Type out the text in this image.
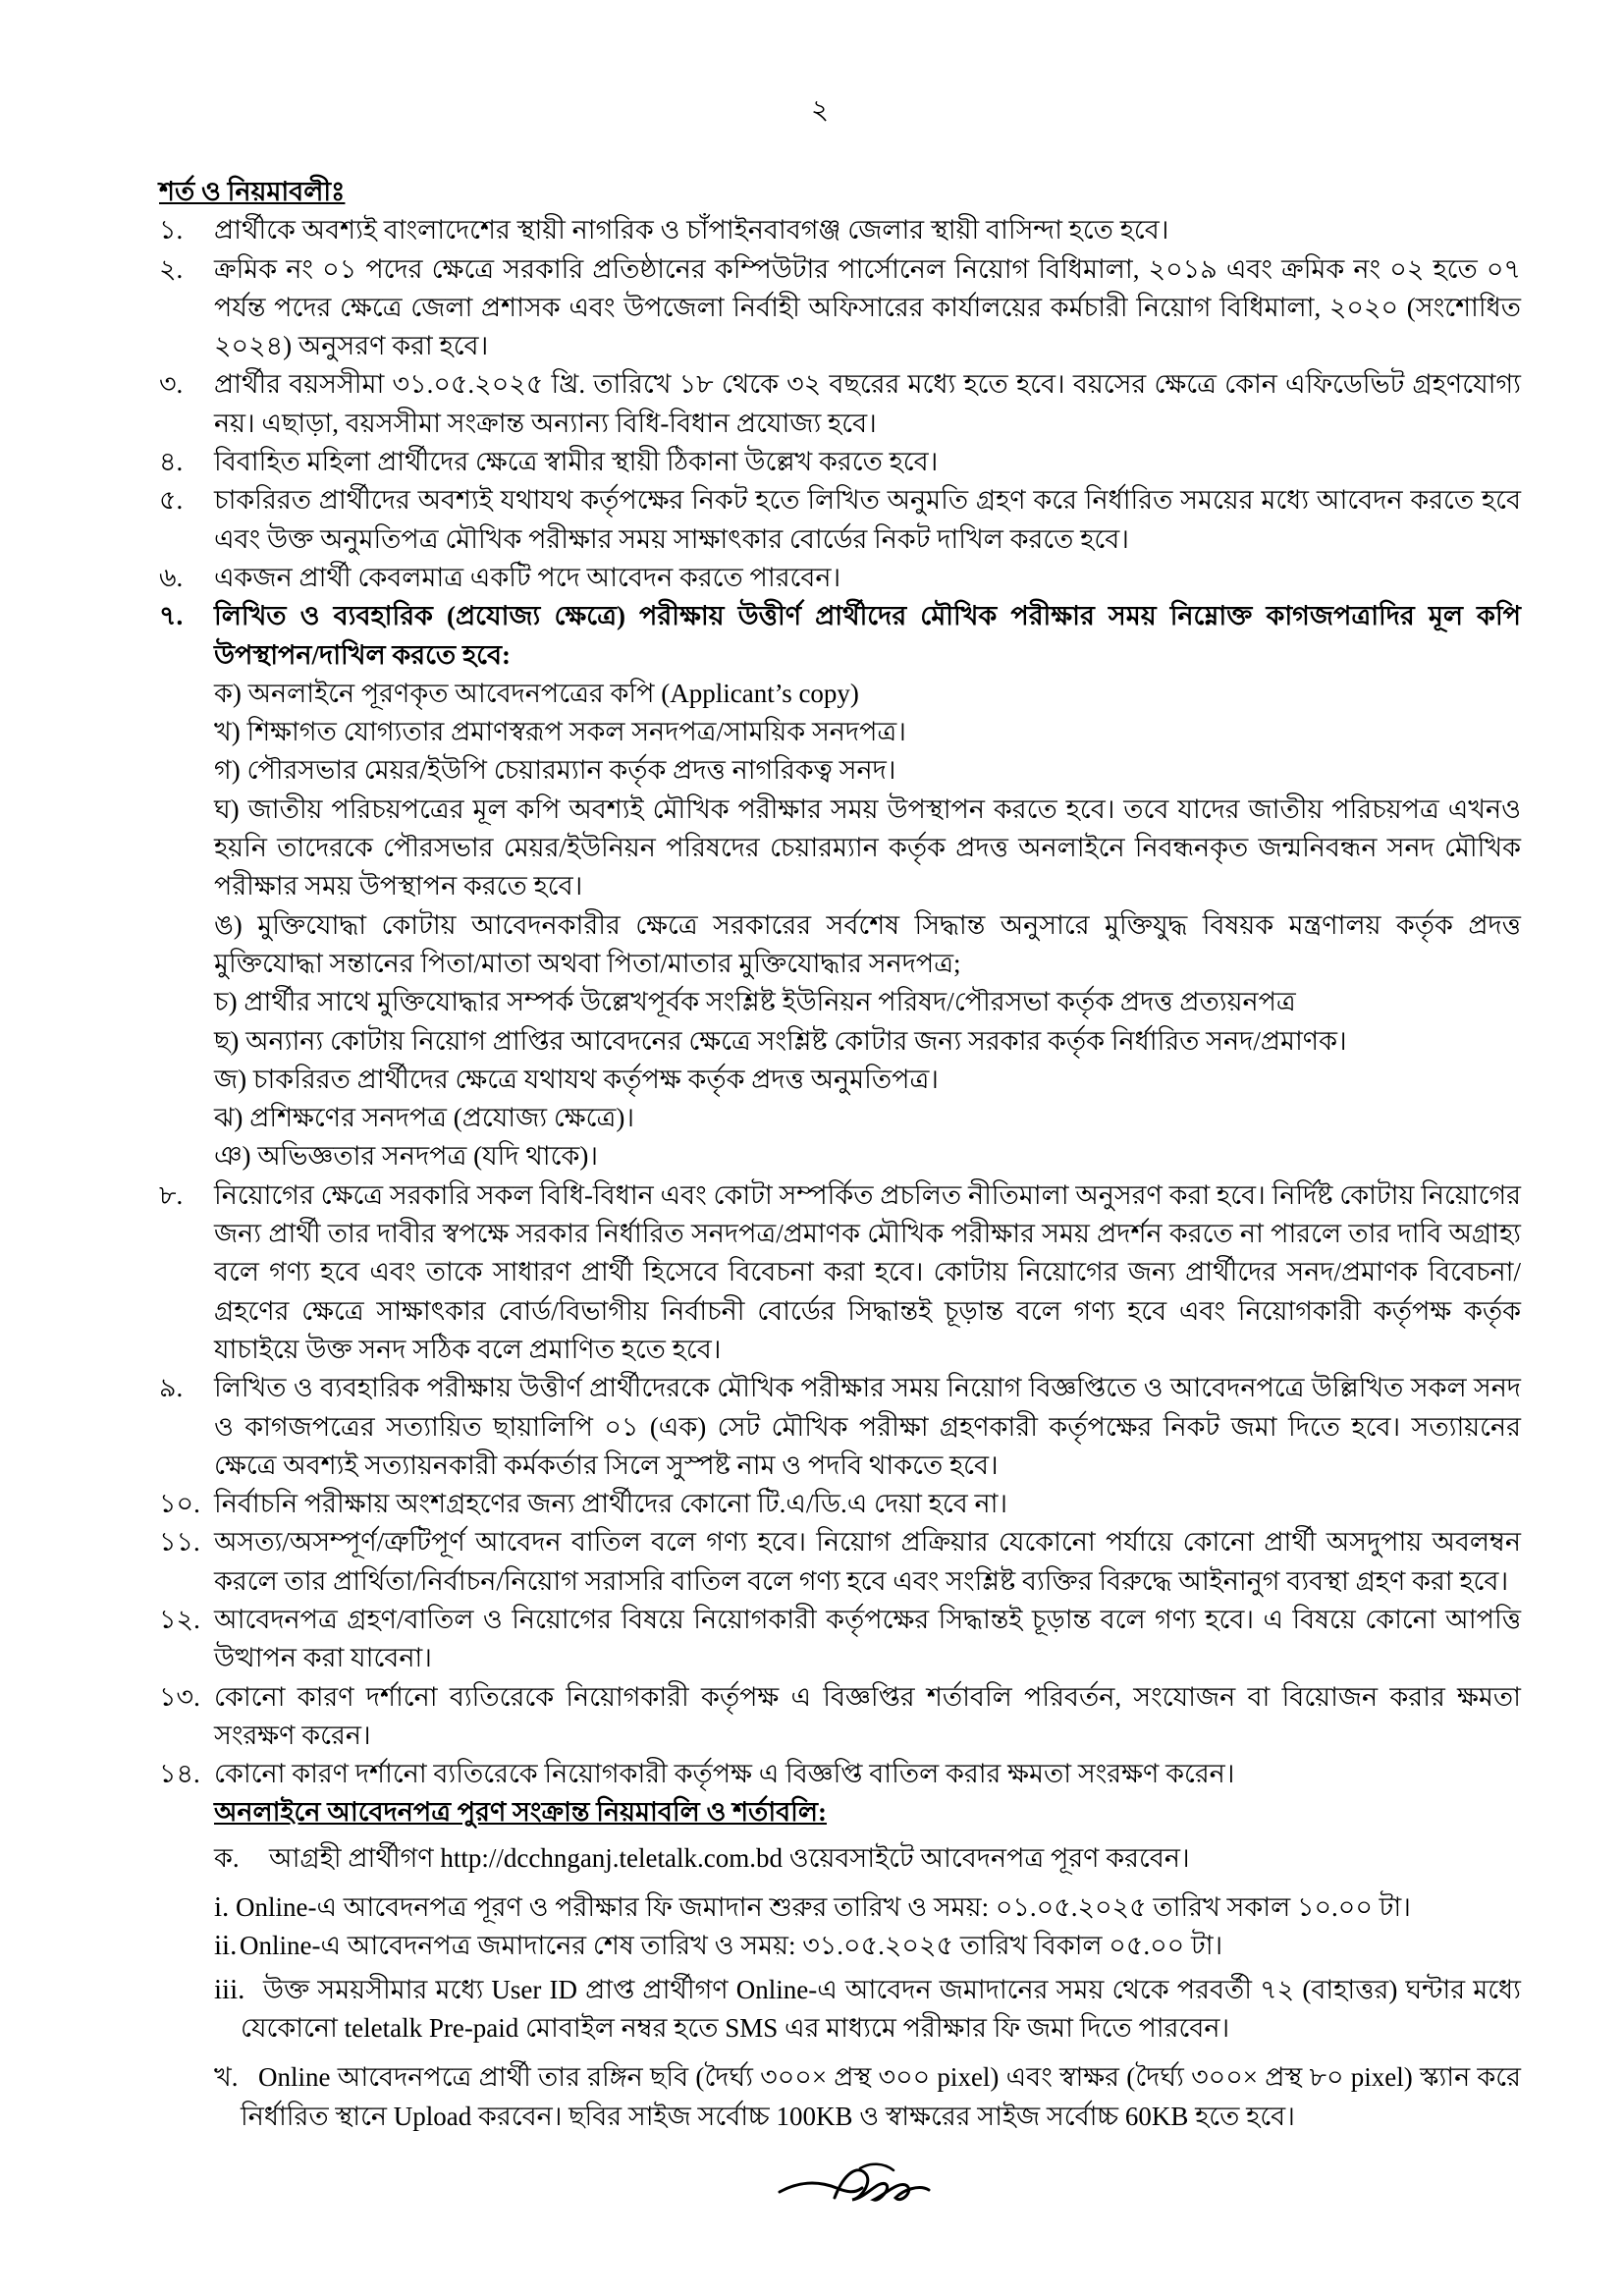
২
শর্ত ও নিয়মাবলীঃ
১.	প্রার্থীকে অবশ্যই বাংলাদেশের স্থায়ী নাগরিক ও চাঁপাইনবাবগঞ্জ জেলার স্থায়ী বাসিন্দা হতে হবে।
২.	ক্রমিক নং ০১ পদের ক্ষেত্রে সরকারি প্রতিষ্ঠানের কম্পিউটার পার্সোনেল নিয়োগ বিধিমালা, ২০১৯ এবং ক্রমিক নং ০২ হতে ০৭ পর্যন্ত পদের ক্ষেত্রে জেলা প্রশাসক এবং উপজেলা নির্বাহী অফিসারের কার্যালয়ের কর্মচারী নিয়োগ বিধিমালা, ২০২০ (সংশোধিত ২০২৪) অনুসরণ করা হবে।
৩.	প্রার্থীর বয়সসীমা ৩১.০৫.২০২৫ খ্রি. তারিখে ১৮ থেকে ৩২ বছরের মধ্যে হতে হবে। বয়সের ক্ষেত্রে কোন এফিডেভিট গ্রহণযোগ্য নয়। এছাড়া, বয়সসীমা সংক্রান্ত অন্যান্য বিধি-বিধান প্রযোজ্য হবে।
৪.	বিবাহিত মহিলা প্রার্থীদের ক্ষেত্রে স্বামীর স্থায়ী ঠিকানা উল্লেখ করতে হবে।
৫.	চাকরিরত প্রার্থীদের অবশ্যই যথাযথ কর্তৃপক্ষের নিকট হতে লিখিত অনুমতি গ্রহণ করে নির্ধারিত সময়ের মধ্যে আবেদন করতে হবে এবং উক্ত অনুমতিপত্র মৌখিক পরীক্ষার সময় সাক্ষাৎকার বোর্ডের নিকট দাখিল করতে হবে।
৬.	একজন প্রার্থী কেবলমাত্র একটি পদে আবেদন করতে পারবেন।
৭.	লিখিত ও ব্যবহারিক (প্রযোজ্য ক্ষেত্রে) পরীক্ষায় উত্তীর্ণ প্রার্থীদের মৌখিক পরীক্ষার সময় নিম্নোক্ত কাগজপত্রাদির মূল কপি উপস্থাপন/দাখিল করতে হবে:
ক) অনলাইনে পূরণকৃত আবেদনপত্রের কপি (Applicant’s copy)
খ) শিক্ষাগত যোগ্যতার প্রমাণস্বরূপ সকল সনদপত্র/সাময়িক সনদপত্র।
গ) পৌরসভার মেয়র/ইউপি চেয়ারম্যান কর্তৃক প্রদত্ত নাগরিকত্ব সনদ।
ঘ) জাতীয় পরিচয়পত্রের মূল কপি অবশ্যই মৌখিক পরীক্ষার সময় উপস্থাপন করতে হবে। তবে যাদের জাতীয় পরিচয়পত্র এখনও হয়নি তাদেরকে পৌরসভার মেয়র/ইউনিয়ন পরিষদের চেয়ারম্যান কর্তৃক প্রদত্ত অনলাইনে নিবন্ধনকৃত জন্মনিবন্ধন সনদ মৌখিক পরীক্ষার সময় উপস্থাপন করতে হবে।
ঙ) মুক্তিযোদ্ধা কোটায় আবেদনকারীর ক্ষেত্রে সরকারের সর্বশেষ সিদ্ধান্ত অনুসারে মুক্তিযুদ্ধ বিষয়ক মন্ত্রণালয় কর্তৃক প্রদত্ত মুক্তিযোদ্ধা সন্তানের পিতা/মাতা অথবা পিতা/মাতার মুক্তিযোদ্ধার সনদপত্র;
চ) প্রার্থীর সাথে মুক্তিযোদ্ধার সম্পর্ক উল্লেখপূর্বক সংশ্লিষ্ট ইউনিয়ন পরিষদ/পৌরসভা কর্তৃক প্রদত্ত প্রত্যয়নপত্র
ছ) অন্যান্য কোটায় নিয়োগ প্রাপ্তির আবেদনের ক্ষেত্রে সংশ্লিষ্ট কোটার জন্য সরকার কর্তৃক নির্ধারিত সনদ/প্রমাণক।
জ) চাকরিরত প্রার্থীদের ক্ষেত্রে যথাযথ কর্তৃপক্ষ কর্তৃক প্রদত্ত অনুমতিপত্র।
ঝ) প্রশিক্ষণের সনদপত্র (প্রযোজ্য ক্ষেত্রে)।
ঞ) অভিজ্ঞতার সনদপত্র (যদি থাকে)।
৮.	নিয়োগের ক্ষেত্রে সরকারি সকল বিধি-বিধান এবং কোটা সম্পর্কিত প্রচলিত নীতিমালা অনুসরণ করা হবে। নির্দিষ্ট কোটায় নিয়োগের জন্য প্রার্থী তার দাবীর স্বপক্ষে সরকার নির্ধারিত সনদপত্র/প্রমাণক মৌখিক পরীক্ষার সময় প্রদর্শন করতে না পারলে তার দাবি অগ্রাহ্য বলে গণ্য হবে এবং তাকে সাধারণ প্রার্থী হিসেবে বিবেচনা করা হবে। কোটায় নিয়োগের জন্য প্রার্থীদের সনদ/প্রমাণক বিবেচনা/গ্রহণের ক্ষেত্রে সাক্ষাৎকার বোর্ড/বিভাগীয় নির্বাচনী বোর্ডের সিদ্ধান্তই চূড়ান্ত বলে গণ্য হবে এবং নিয়োগকারী কর্তৃপক্ষ কর্তৃক যাচাইয়ে উক্ত সনদ সঠিক বলে প্রমাণিত হতে হবে।
৯.	লিখিত ও ব্যবহারিক পরীক্ষায় উত্তীর্ণ প্রার্থীদেরকে মৌখিক পরীক্ষার সময় নিয়োগ বিজ্ঞপ্তিতে ও আবেদনপত্রে উল্লিখিত সকল সনদ ও কাগজপত্রের সত্যায়িত ছায়ালিপি ০১ (এক) সেট মৌখিক পরীক্ষা গ্রহণকারী কর্তৃপক্ষের নিকট জমা দিতে হবে। সত্যায়নের ক্ষেত্রে অবশ্যই সত্যায়নকারী কর্মকর্তার সিলে সুস্পষ্ট নাম ও পদবি থাকতে হবে।
১০. নির্বাচনি পরীক্ষায় অংশগ্রহণের জন্য প্রার্থীদের কোনো টি.এ/ডি.এ দেয়া হবে না।
১১. অসত্য/অসম্পূর্ণ/ত্রুটিপূর্ণ আবেদন বাতিল বলে গণ্য হবে। নিয়োগ প্রক্রিয়ার যেকোনো পর্যায়ে কোনো প্রার্থী অসদুপায় অবলম্বন করলে তার প্রার্থিতা/নির্বাচন/নিয়োগ সরাসরি বাতিল বলে গণ্য হবে এবং সংশ্লিষ্ট ব্যক্তির বিরুদ্ধে আইনানুগ ব্যবস্থা গ্রহণ করা হবে।
১২. আবেদনপত্র গ্রহণ/বাতিল ও নিয়োগের বিষয়ে নিয়োগকারী কর্তৃপক্ষের সিদ্ধান্তই চূড়ান্ত বলে গণ্য হবে। এ বিষয়ে কোনো আপত্তি উত্থাপন করা যাবেনা।
১৩. কোনো কারণ দর্শানো ব্যতিরেকে নিয়োগকারী কর্তৃপক্ষ এ বিজ্ঞপ্তির শর্তাবলি পরিবর্তন, সংযোজন বা বিয়োজন করার ক্ষমতা সংরক্ষণ করেন।
১৪. কোনো কারণ দর্শানো ব্যতিরেকে নিয়োগকারী কর্তৃপক্ষ এ বিজ্ঞপ্তি বাতিল করার ক্ষমতা সংরক্ষণ করেন।
অনলাইনে আবেদনপত্র পুরণ সংক্রান্ত নিয়মাবলি ও শর্তাবলি:
ক. আগ্রহী প্রার্থীগণ http://dcchnganj.teletalk.com.bd ওয়েবসাইটে আবেদনপত্র পূরণ করবেন।
i. Online-এ আবেদনপত্র পূরণ ও পরীক্ষার ফি জমাদান শুরুর তারিখ ও সময়: ০১.০৫.২০২৫ তারিখ সকাল ১০.০০ টা।
ii.Online-এ আবেদনপত্র জমাদানের শেষ তারিখ ও সময়: ৩১.০৫.২০২৫ তারিখ বিকাল ০৫.০০ টা।
iii. উক্ত সময়সীমার মধ্যে User ID প্রাপ্ত প্রার্থীগণ Online-এ আবেদন জমাদানের সময় থেকে পরবর্তী ৭২ (বাহাত্তর) ঘন্টার মধ্যে যেকোনো teletalk Pre-paid মোবাইল নম্বর হতে SMS এর মাধ্যমে পরীক্ষার ফি জমা দিতে পারবেন।
খ. Online আবেদনপত্রে প্রার্থী তার রঙ্গিন ছবি (দৈর্ঘ্য ৩০০× প্রস্থ ৩০০ pixel) এবং স্বাক্ষর (দৈর্ঘ্য ৩০০× প্রস্থ ৮০ pixel) স্ক্যান করে নির্ধারিত স্থানে Upload করবেন। ছবির সাইজ সর্বোচ্চ 100KB ও স্বাক্ষরের সাইজ সর্বোচ্চ 60KB হতে হবে।
